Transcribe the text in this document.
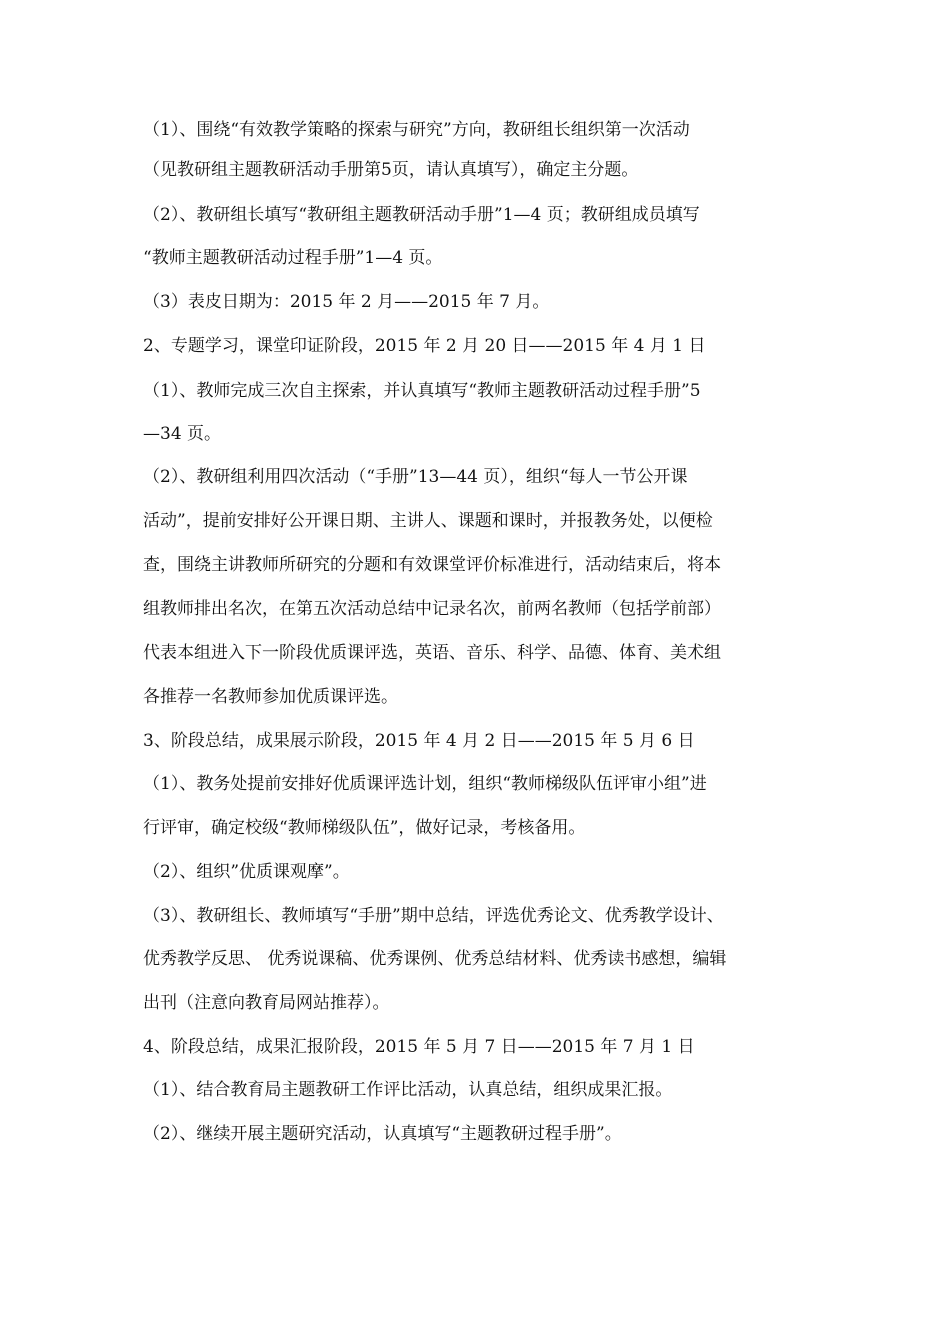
（1）、围绕“有效教学策略的探索与研究”方向，教研组长组织第一次活动
（见教研组主题教研活动手册第5页，请认真填写），确定主分题。
（2）、教研组长填写“教研组主题教研活动手册”1—4 页；教研组成员填写
“教师主题教研活动过程手册”1—4 页。
（3）表皮日期为：2015 年 2 月——2015 年 7 月。
2、专题学习，课堂印证阶段，2015 年 2 月 20 日——2015 年 4 月 1 日
（1）、教师完成三次自主探索，并认真填写“教师主题教研活动过程手册”5
—34 页。
（2）、教研组利用四次活动（“手册”13—44 页），组织“每人一节公开课
活动”，提前安排好公开课日期、主讲人、课题和课时，并报教务处，以便检
查，围绕主讲教师所研究的分题和有效课堂评价标准进行，活动结束后，将本
组教师排出名次，在第五次活动总结中记录名次，前两名教师（包括学前部）
代表本组进入下一阶段优质课评选，英语、音乐、科学、品德、体育、美术组
各推荐一名教师参加优质课评选。
3、阶段总结，成果展示阶段，2015 年 4 月 2 日——2015 年 5 月 6 日
（1）、教务处提前安排好优质课评选计划，组织“教师梯级队伍评审小组”进
行评审，确定校级“教师梯级队伍”，做好记录，考核备用。
（2）、组织”优质课观摩”。
（3）、教研组长、教师填写“手册”期中总结，评选优秀论文、优秀教学设计、
优秀教学反思、 优秀说课稿、优秀课例、优秀总结材料、优秀读书感想，编辑
出刊（注意向教育局网站推荐）。
4、阶段总结，成果汇报阶段，2015 年 5 月 7 日——2015 年 7 月 1 日
（1）、结合教育局主题教研工作评比活动，认真总结，组织成果汇报。
（2）、继续开展主题研究活动，认真填写“主题教研过程手册”。
